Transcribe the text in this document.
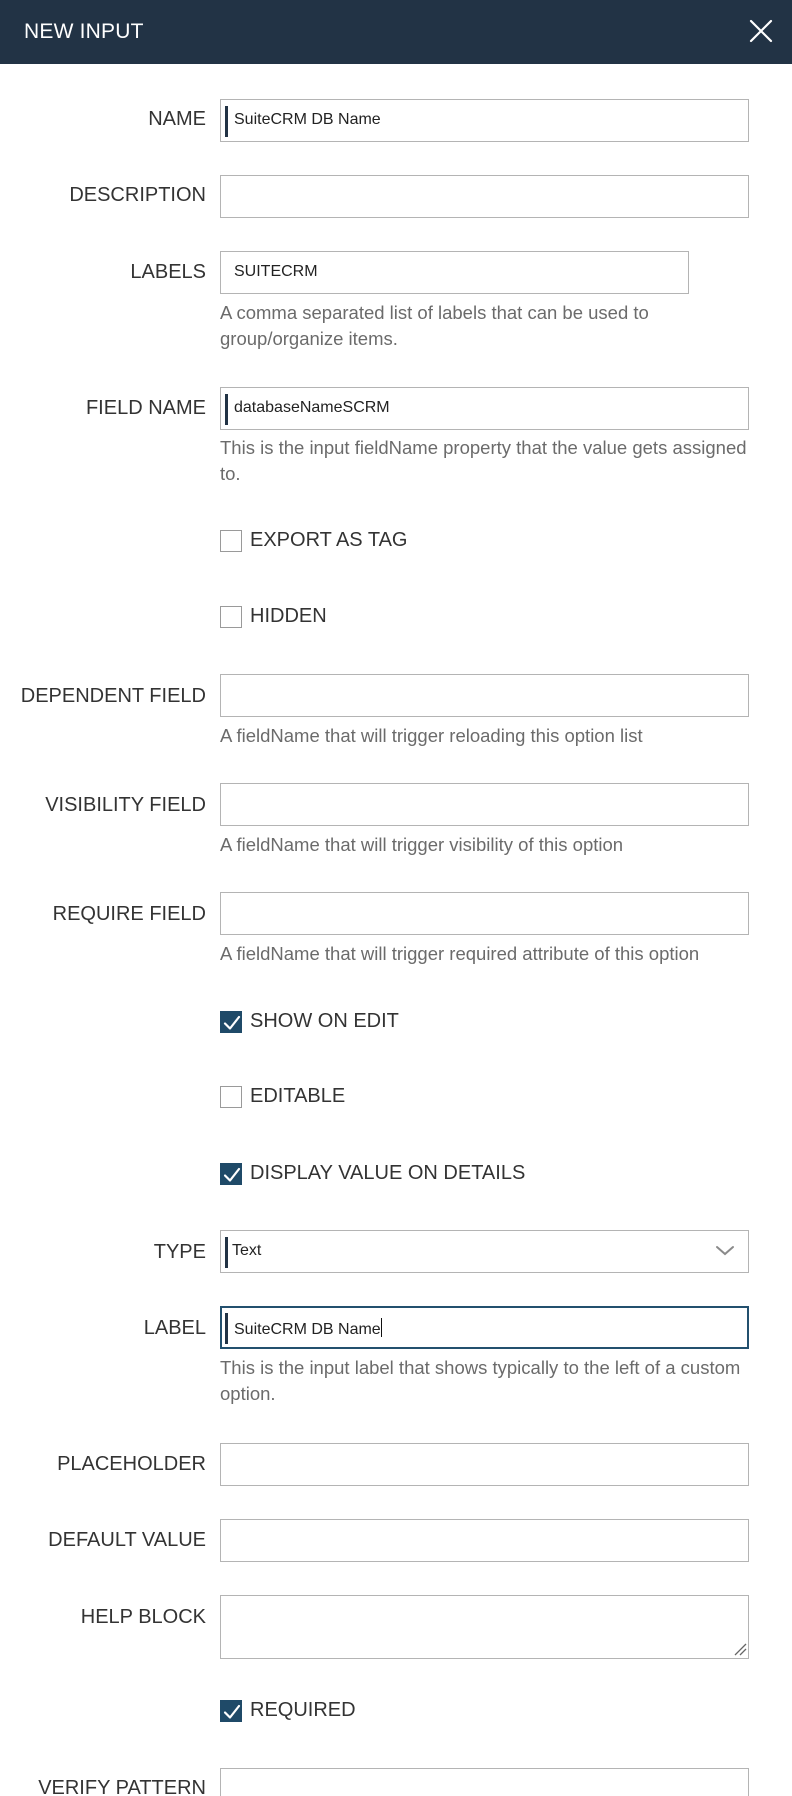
NEW INPUT
NAME SuiteCRM DB Name
DESCRIPTION
LABELS SUITECRM
A comma separated list of labels that can be used to group/organize items.
FIELD NAME databaseNameSCRM
This is the input fieldName property that the value gets assigned to.
EXPORT AS TAG
HIDDEN
DEPENDENT FIELD
A fieldName that will trigger reloading this option list
VISIBILITY FIELD
A fieldName that will trigger visibility of this option
REQUIRE FIELD
A fieldName that will trigger required attribute of this option
SHOW ON EDIT
EDITABLE
DISPLAY VALUE ON DETAILS
TYPE Text
LABEL SuiteCRM DB Name
This is the input label that shows typically to the left of a custom option.
PLACEHOLDER
DEFAULT VALUE
HELP BLOCK
REQUIRED
VERIFY PATTERN
